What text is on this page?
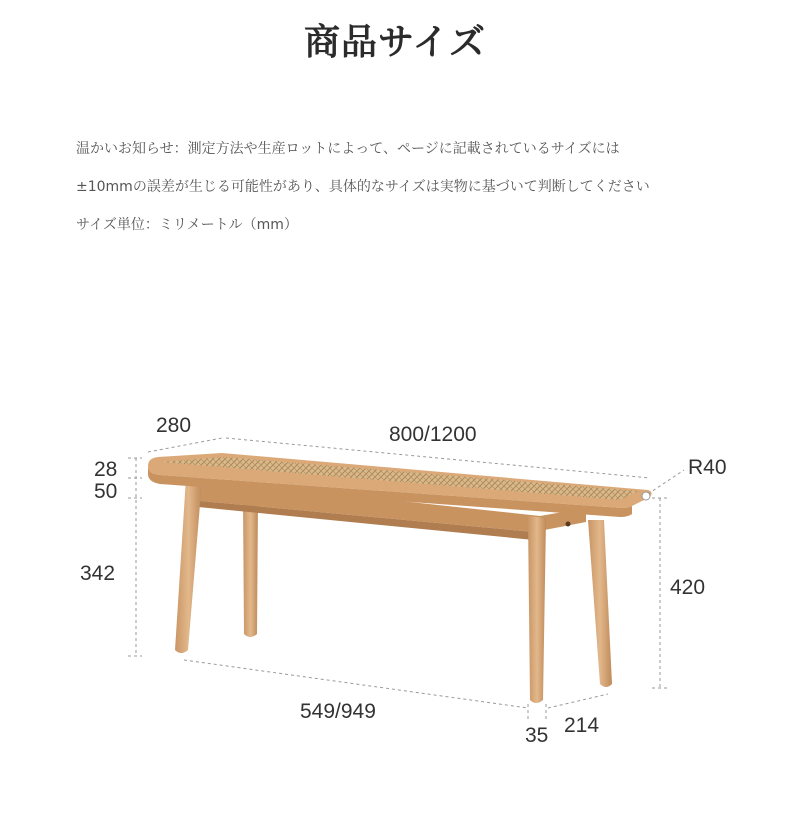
商品サイズ
温かいお知らせ：測定方法や生産ロットによって、ページに記載されているサイズには
±10mmの誤差が生じる可能性があり、具体的なサイズは実物に基づいて判断してください
サイズ単位：ミリメートル（mm）
280	800/1200
28
50
342
420
R40
549/949
35 214
